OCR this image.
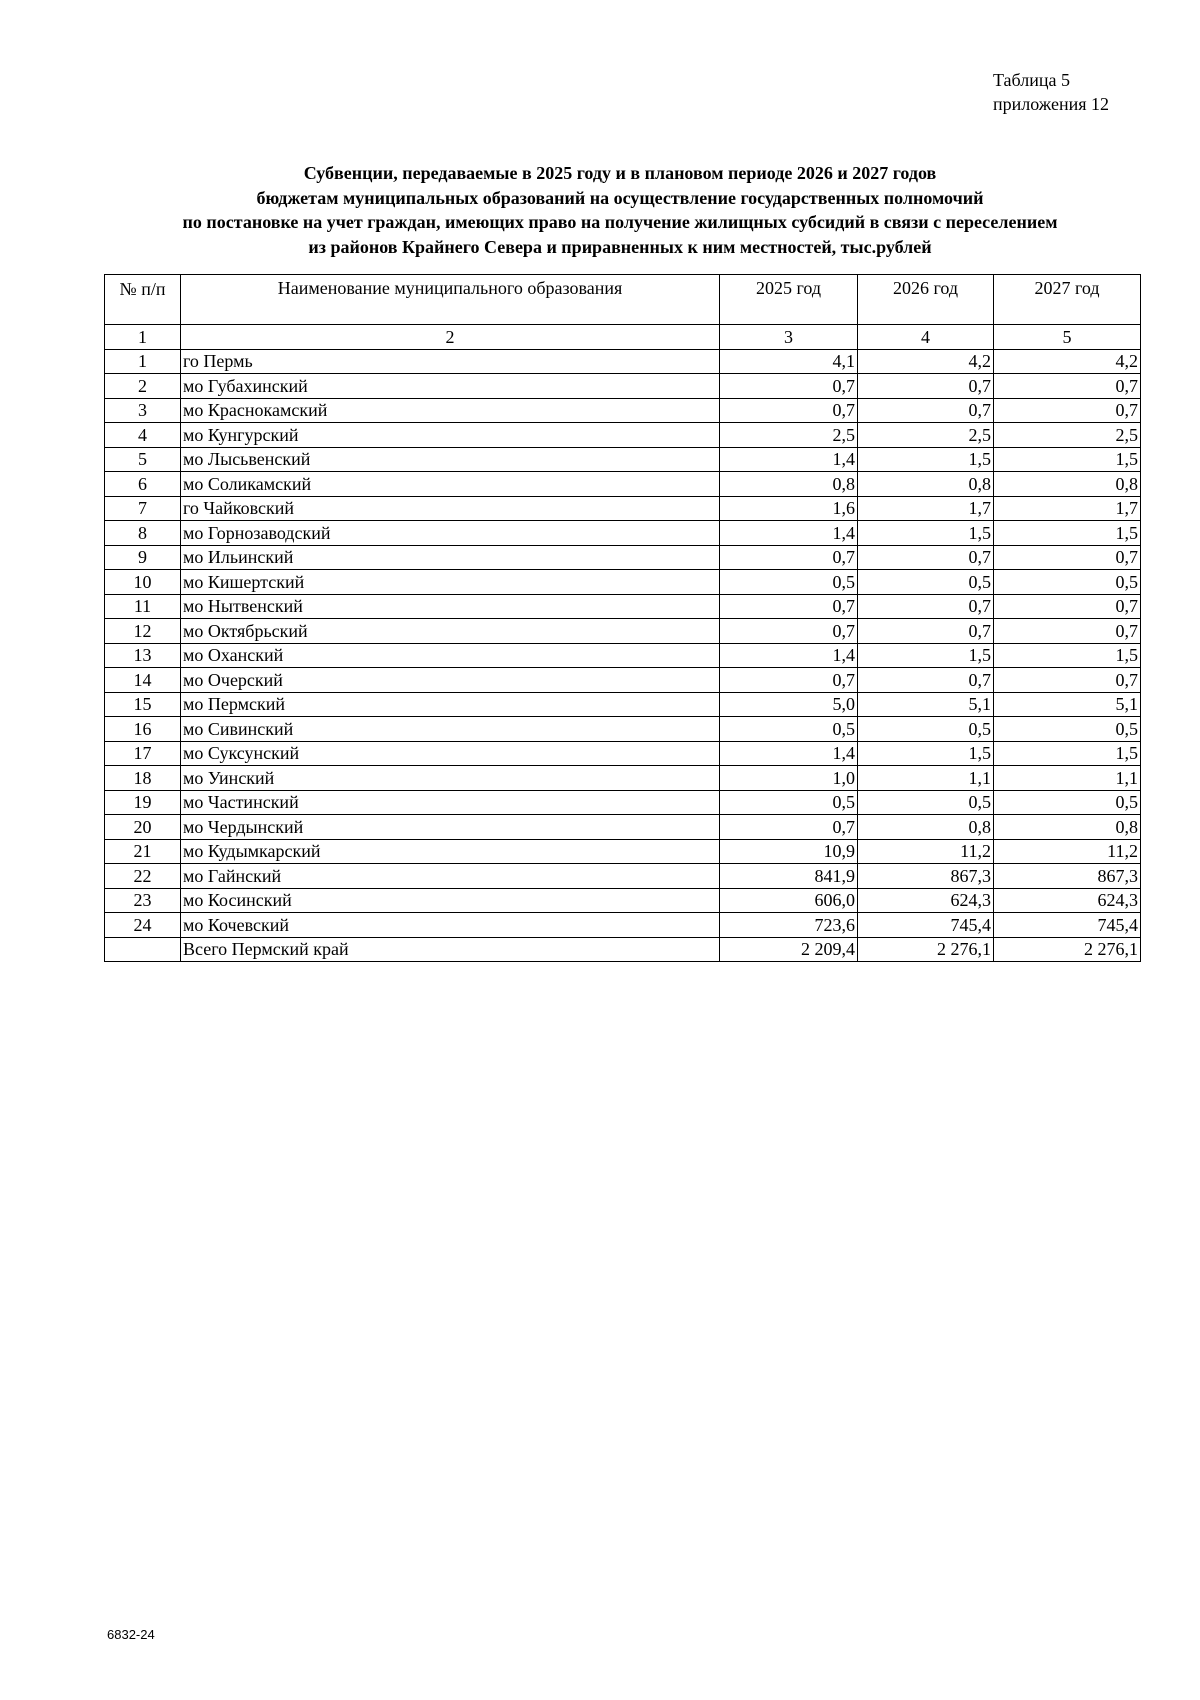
Таблица 5
приложения 12
Субвенции, передаваемые в 2025 году и в плановом периоде 2026 и 2027 годов
бюджетам муниципальных образований на осуществление государственных полномочий
по постановке на учет граждан, имеющих право на получение жилищных субсидий в связи с переселением
из районов Крайнего Севера и приравненных к ним местностей, тыс.рублей
№ п/п	Наименование муниципального образования	2025 год	2026 год	2027 год
1	2	3	4	5
1	го Пермь	4,1	4,2	4,2
2	мо Губахинский	0,7	0,7	0,7
3	мо Краснокамский	0,7	0,7	0,7
4	мо Кунгурский	2,5	2,5	2,5
5	мо Лысьвенский	1,4	1,5	1,5
6	мо Соликамский	0,8	0,8	0,8
7	го Чайковский	1,6	1,7	1,7
8	мо Горнозаводский	1,4	1,5	1,5
9	мо Ильинский	0,7	0,7	0,7
10	мо Кишертский	0,5	0,5	0,5
11	мо Нытвенский	0,7	0,7	0,7
12	мо Октябрьский	0,7	0,7	0,7
13	мо Оханский	1,4	1,5	1,5
14	мо Очерский	0,7	0,7	0,7
15	мо Пермский	5,0	5,1	5,1
16	мо Сивинский	0,5	0,5	0,5
17	мо Суксунский	1,4	1,5	1,5
18	мо Уинский	1,0	1,1	1,1
19	мо Частинский	0,5	0,5	0,5
20	мо Чердынский	0,7	0,8	0,8
21	мо Кудымкарский	10,9	11,2	11,2
22	мо Гайнский	841,9	867,3	867,3
23	мо Косинский	606,0	624,3	624,3
24	мо Кочевский	723,6	745,4	745,4
	Всего Пермский край	2 209,4	2 276,1	2 276,1
6832-24
